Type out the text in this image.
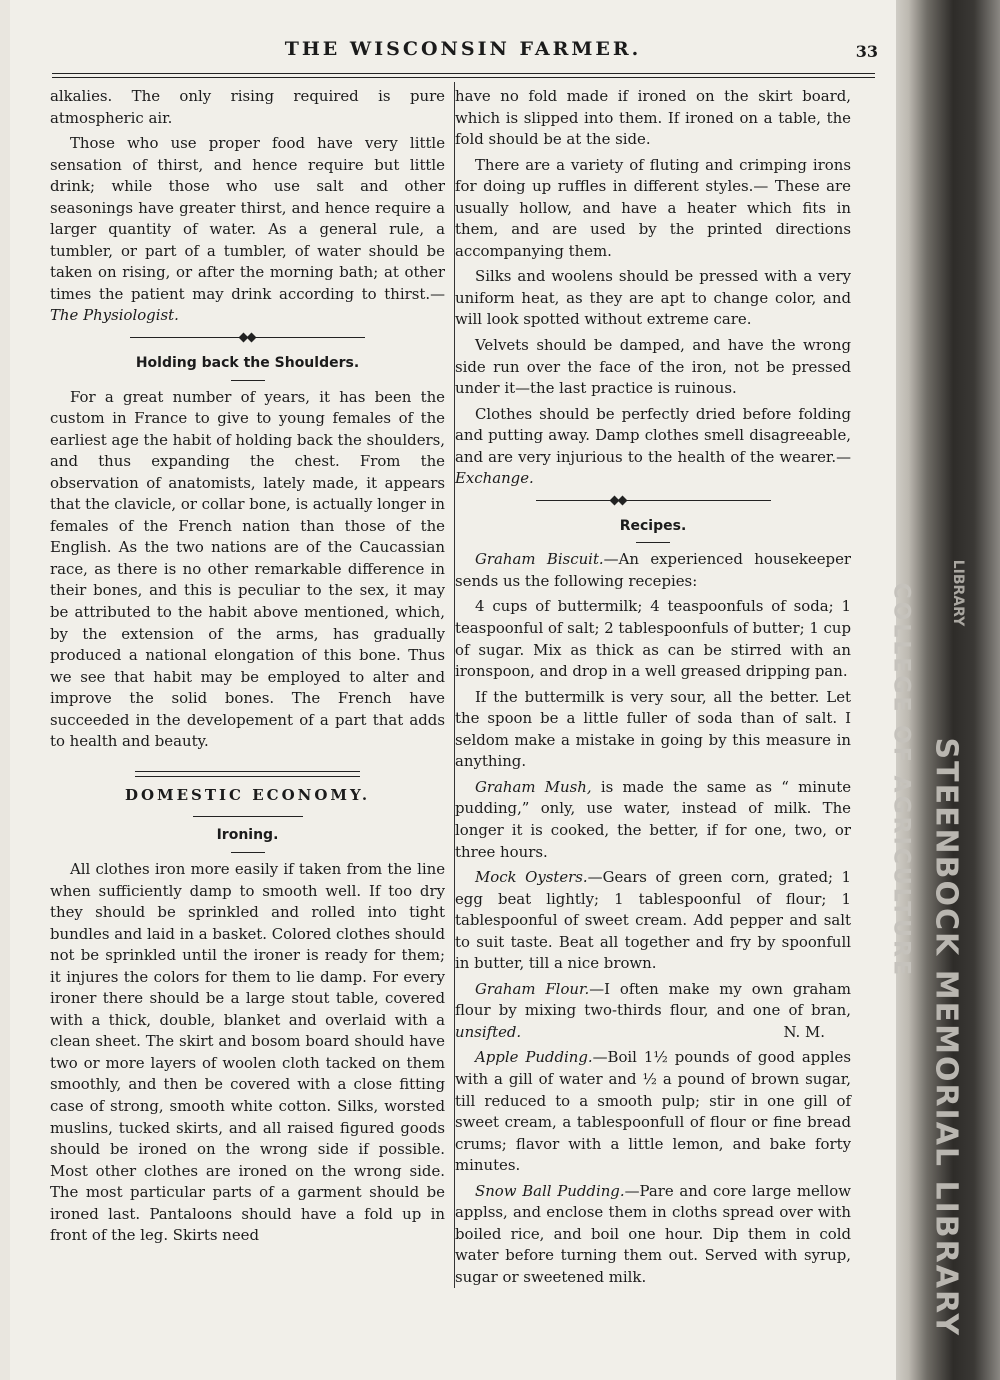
LIBRARY
COLLEGE OF AGRICULTURE STEENBOCK MEMORIAL LIBRARY
THE WISCONSIN FARMER.	33

alkalies. The only rising required is pure atmospheric air.

Those who use proper food have very little sensation of thirst, and hence require but little drink; while those who use salt and other seasonings have greater thirst, and hence require a larger quantity of water. As a general rule, a tumbler, or part of a tumbler, of water should be taken on rising, or after the morning bath; at other times the patient may drink according to thirst.—The Physiologist.

Holding back the Shoulders.

For a great number of years, it has been the custom in France to give to young females of the earliest age the habit of holding back the shoulders, and thus expanding the chest. From the observation of anatomists, lately made, it appears that the clavicle, or collar bone, is actually longer in females of the French nation than those of the English. As the two nations are of the Caucassian race, as there is no other remarkable difference in their bones, and this is peculiar to the sex, it may be attributed to the habit above mentioned, which, by the extension of the arms, has gradually produced a national elongation of this bone. Thus we see that habit may be employed to alter and improve the solid bones. The French have succeeded in the developement of a part that adds to health and beauty.

DOMESTIC ECONOMY.

Ironing.

All clothes iron more easily if taken from the line when sufficiently damp to smooth well. If too dry they should be sprinkled and rolled into tight bundles and laid in a basket. Colored clothes should not be sprinkled until the ironer is ready for them; it injures the colors for them to lie damp. For every ironer there should be a large stout table, covered with a thick, double, blanket and overlaid with a clean sheet. The skirt and bosom board should have two or more layers of woolen cloth tacked on them smoothly, and then be covered with a close fitting case of strong, smooth white cotton. Silks, worsted muslins, tucked skirts, and all raised figured goods should be ironed on the wrong side if possible. Most other clothes are ironed on the wrong side. The most particular parts of a garment should be ironed last. Pantaloons should have a fold up in front of the leg. Skirts need

have no fold made if ironed on the skirt board, which is slipped into them. If ironed on a table, the fold should be at the side.

There are a variety of fluting and crimping irons for doing up ruffles in different styles.— These are usually hollow, and have a heater which fits in them, and are used by the printed directions accompanying them.

Silks and woolens should be pressed with a very uniform heat, as they are apt to change color, and will look spotted without extreme care.

Velvets should be damped, and have the wrong side run over the face of the iron, not be pressed under it—the last practice is ruinous.

Clothes should be perfectly dried before folding and putting away. Damp clothes smell disagreeable, and are very injurious to the health of the wearer.—Exchange.

Recipes.

Graham Biscuit.—An experienced housekeeper sends us the following recepies:

4 cups of buttermilk; 4 teaspoonfuls of soda; 1 teaspoonful of salt; 2 tablespoonfuls of butter; 1 cup of sugar. Mix as thick as can be stirred with an ironspoon, and drop in a well greased dripping pan.

If the buttermilk is very sour, all the better. Let the spoon be a little fuller of soda than of salt. I seldom make a mistake in going by this measure in anything.

Graham Mush, is made the same as “ minute pudding,” only, use water, instead of milk. The longer it is cooked, the better, if for one, two, or three hours.

Mock Oysters.—Gears of green corn, grated; 1 egg beat lightly; 1 tablespoonful of flour; 1 tablespoonful of sweet cream. Add pepper and salt to suit taste. Beat all together and fry by spoonfull in butter, till a nice brown.

Graham Flour.—I often make my own graham flour by mixing two-thirds flour, and one of bran, unsifted.	N. M.

Apple Pudding.—Boil 1½ pounds of good apples with a gill of water and ½ a pound of brown sugar, till reduced to a smooth pulp; stir in one gill of sweet cream, a tablespoonfull of flour or fine bread crums; flavor with a little lemon, and bake forty minutes.

Snow Ball Pudding.—Pare and core large mellow applss, and enclose them in cloths spread over with boiled rice, and boil one hour. Dip them in cold water before turning them out. Served with syrup, sugar or sweetened milk.
